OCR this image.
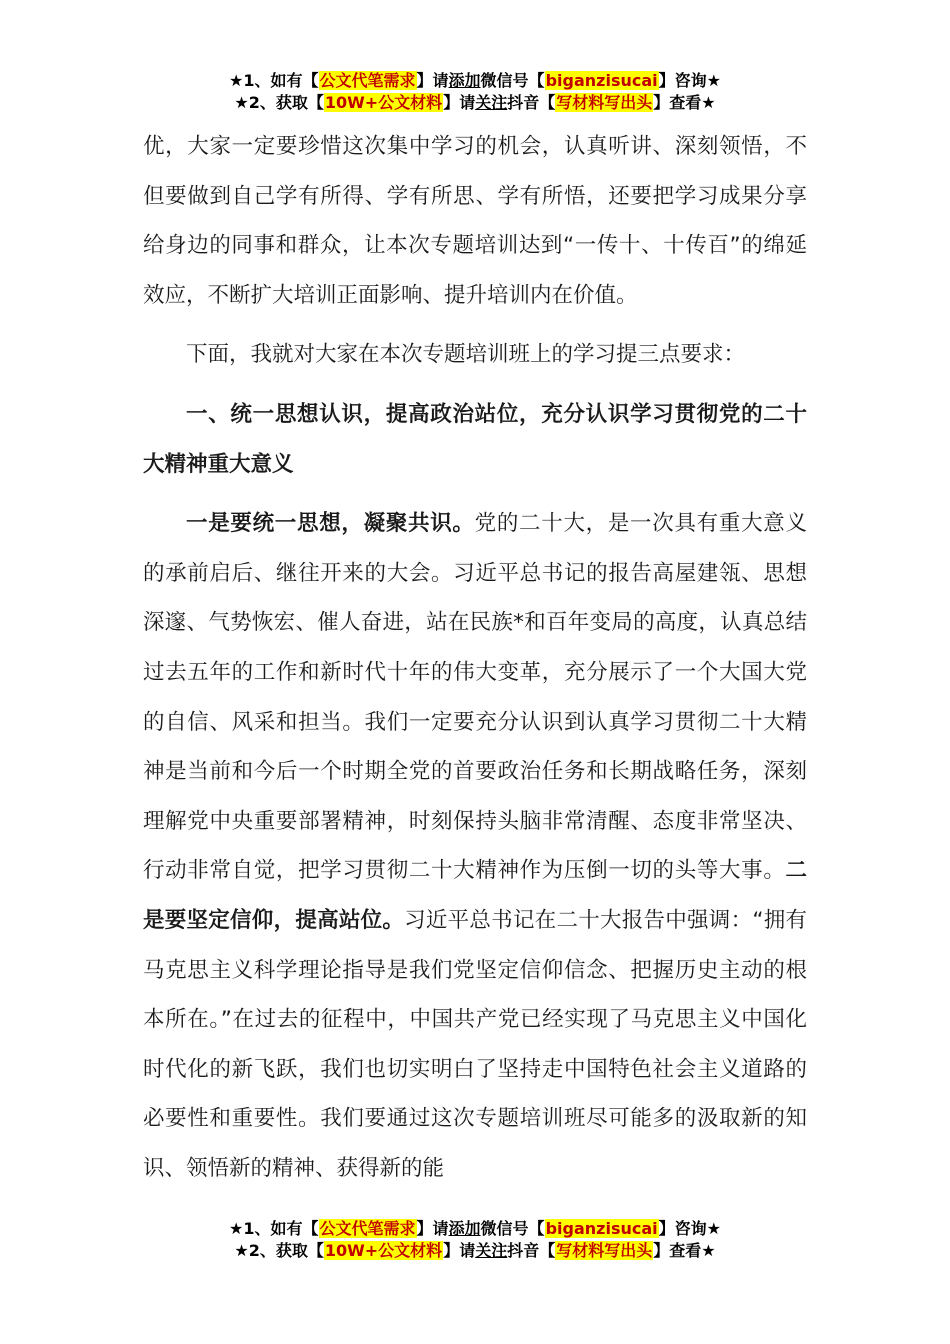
★1、如有【公文代笔需求】请添加微信号【biganzisucai】咨询★
★2、获取【10W+公文材料】请关注抖音【写材料写出头】查看★

优，大家一定要珍惜这次集中学习的机会，认真听讲、深刻领悟，不但要做到自己学有所得、学有所思、学有所悟，还要把学习成果分享给身边的同事和群众，让本次专题培训达到“一传十、十传百”的绵延效应，不断扩大培训正面影响、提升培训内在价值。

下面，我就对大家在本次专题培训班上的学习提三点要求：

一、统一思想认识，提高政治站位，充分认识学习贯彻党的二十大精神重大意义

一是要统一思想，凝聚共识。党的二十大，是一次具有重大意义的承前启后、继往开来的大会。习近平总书记的报告高屋建瓴、思想深邃、气势恢宏、催人奋进，站在民族*和百年变局的高度，认真总结过去五年的工作和新时代十年的伟大变革，充分展示了一个大国大党的自信、风采和担当。我们一定要充分认识到认真学习贯彻二十大精神是当前和今后一个时期全党的首要政治任务和长期战略任务，深刻理解党中央重要部署精神，时刻保持头脑非常清醒、态度非常坚决、行动非常自觉，把学习贯彻二十大精神作为压倒一切的头等大事。二是要坚定信仰，提高站位。习近平总书记在二十大报告中强调：“拥有马克思主义科学理论指导是我们党坚定信仰信念、把握历史主动的根本所在。”在过去的征程中，中国共产党已经实现了马克思主义中国化时代化的新飞跃，我们也切实明白了坚持走中国特色社会主义道路的必要性和重要性。我们要通过这次专题培训班尽可能多的汲取新的知识、领悟新的精神、获得新的能

★1、如有【公文代笔需求】请添加微信号【biganzisucai】咨询★
★2、获取【10W+公文材料】请关注抖音【写材料写出头】查看★
